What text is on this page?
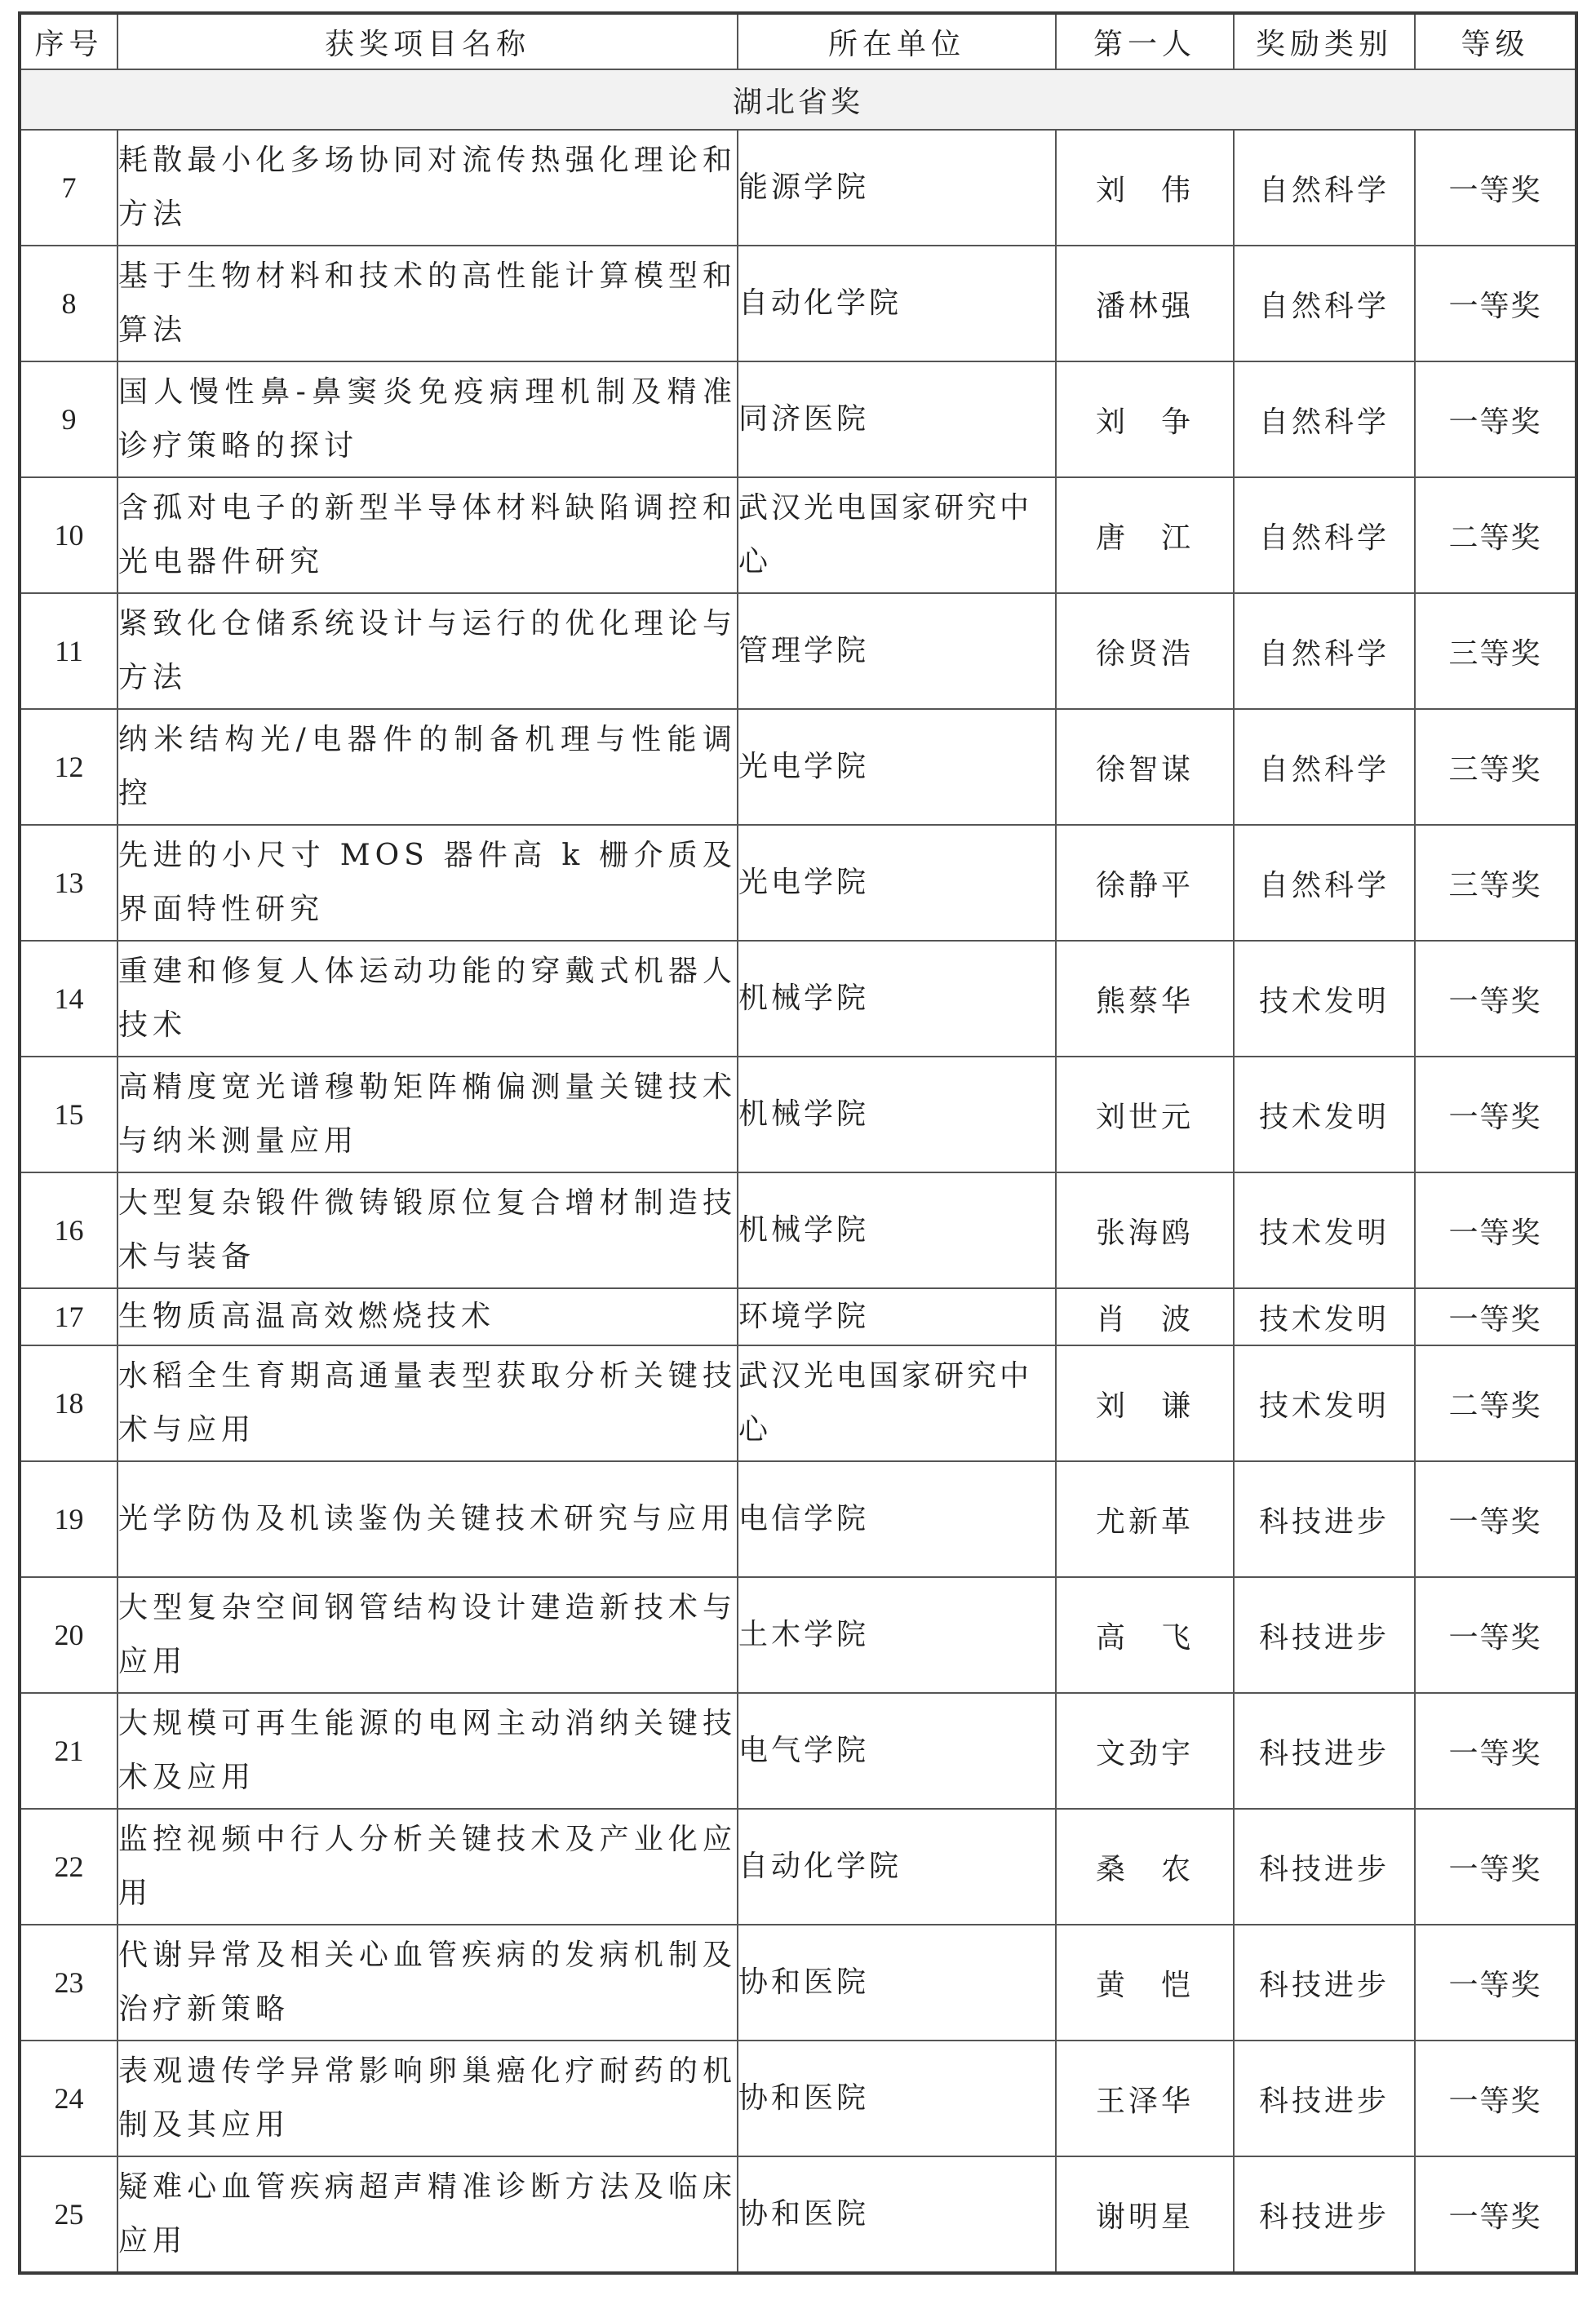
序号	获奖项目名称	所在单位	第一人	奖励类别	等级
湖北省奖					
7	耗散最小化多场协同对流传热强化理论和方法	能源学院	刘　伟	自然科学	一等奖
8	基于生物材料和技术的高性能计算模型和算法	自动化学院	潘林强	自然科学	一等奖
9	国人慢性鼻-鼻窦炎免疫病理机制及精准诊疗策略的探讨	同济医院	刘　争	自然科学	一等奖
10	含孤对电子的新型半导体材料缺陷调控和光电器件研究	武汉光电国家研究中心	唐　江	自然科学	二等奖
11	紧致化仓储系统设计与运行的优化理论与方法	管理学院	徐贤浩	自然科学	三等奖
12	纳米结构光/电器件的制备机理与性能调控	光电学院	徐智谋	自然科学	三等奖
13	先进的小尺寸 MOS 器件高 k 栅介质及界面特性研究	光电学院	徐静平	自然科学	三等奖
14	重建和修复人体运动功能的穿戴式机器人技术	机械学院	熊蔡华	技术发明	一等奖
15	高精度宽光谱穆勒矩阵椭偏测量关键技术与纳米测量应用	机械学院	刘世元	技术发明	一等奖
16	大型复杂锻件微铸锻原位复合增材制造技术与装备	机械学院	张海鸥	技术发明	一等奖
17	生物质高温高效燃烧技术	环境学院	肖　波	技术发明	一等奖
18	水稻全生育期高通量表型获取分析关键技术与应用	武汉光电国家研究中心	刘　谦	技术发明	二等奖
19	光学防伪及机读鉴伪关键技术研究与应用	电信学院	尤新革	科技进步	一等奖
20	大型复杂空间钢管结构设计建造新技术与应用	土木学院	高　飞	科技进步	一等奖
21	大规模可再生能源的电网主动消纳关键技术及应用	电气学院	文劲宇	科技进步	一等奖
22	监控视频中行人分析关键技术及产业化应用	自动化学院	桑　农	科技进步	一等奖
23	代谢异常及相关心血管疾病的发病机制及治疗新策略	协和医院	黄　恺	科技进步	一等奖
24	表观遗传学异常影响卵巢癌化疗耐药的机制及其应用	协和医院	王泽华	科技进步	一等奖
25	疑难心血管疾病超声精准诊断方法及临床应用	协和医院	谢明星	科技进步	一等奖
